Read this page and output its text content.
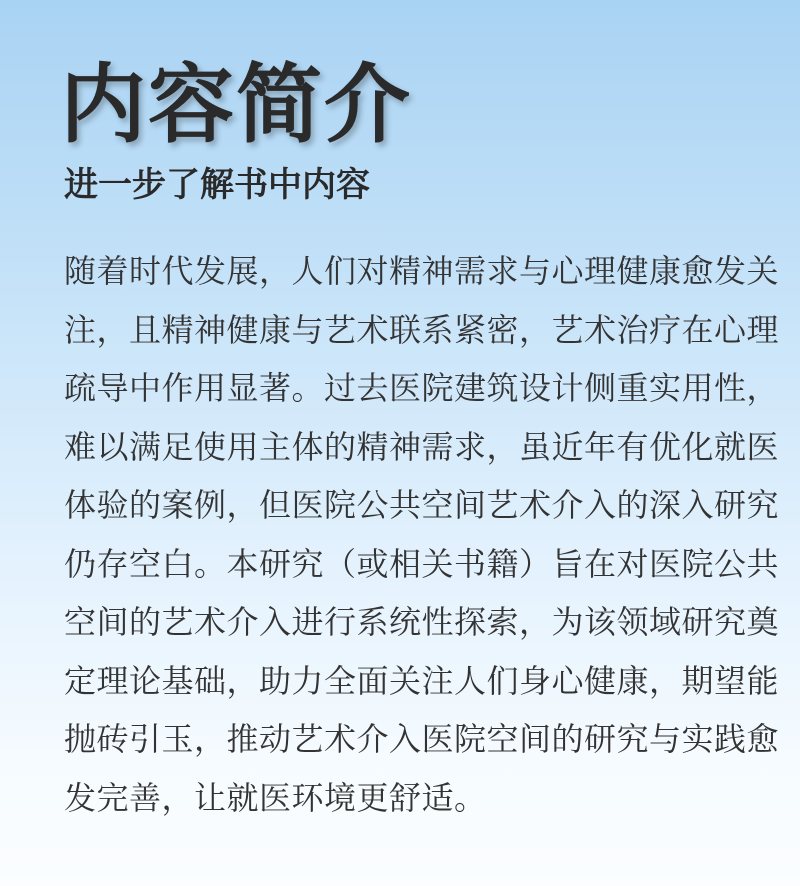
内容简介
进一步了解书中内容
随着时代发展，人们对精神需求与心理健康愈发关
注，且精神健康与艺术联系紧密，艺术治疗在心理
疏导中作用显著。过去医院建筑设计侧重实用性，
难以满足使用主体的精神需求，虽近年有优化就医
体验的案例，但医院公共空间艺术介入的深入研究
仍存空白。本研究（或相关书籍）旨在对医院公共
空间的艺术介入进行系统性探索，为该领域研究奠
定理论基础，助力全面关注人们身心健康，期望能
抛砖引玉，推动艺术介入医院空间的研究与实践愈
发完善，让就医环境更舒适。
